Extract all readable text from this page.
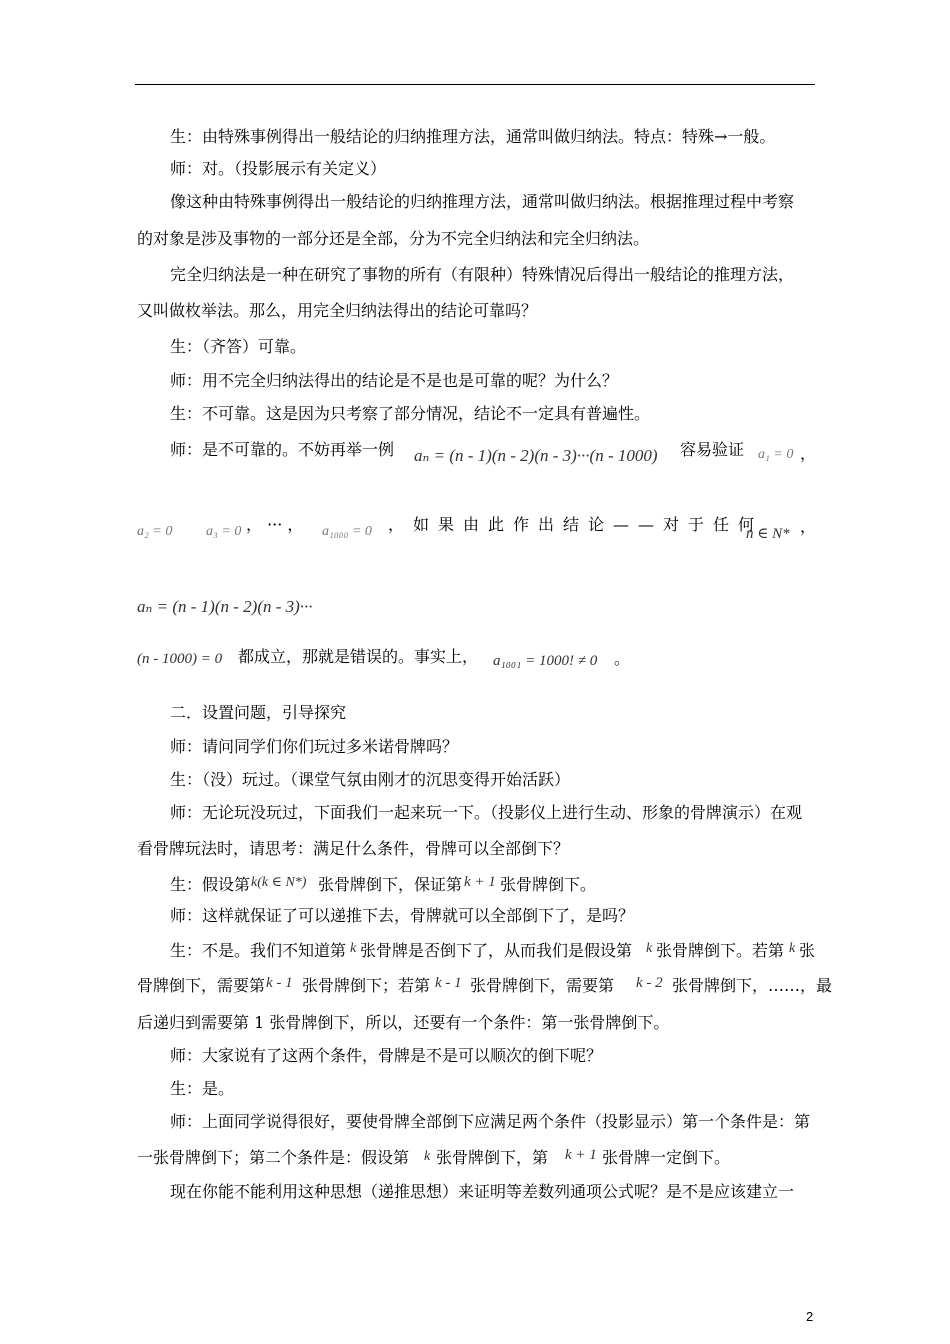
生：由特殊事例得出一般结论的归纳推理方法，通常叫做归纳法。特点：特殊→一般。
师：对。（投影展示有关定义）
像这种由特殊事例得出一般结论的归纳推理方法，通常叫做归纳法。根据推理过程中考察
的对象是涉及事物的一部分还是全部，分为不完全归纳法和完全归纳法。
完全归纳法是一种在研究了事物的所有（有限种）特殊情况后得出一般结论的推理方法，
又叫做枚举法。那么，用完全归纳法得出的结论可靠吗？
生：（齐答）可靠。
师：用不完全归纳法得出的结论是不是也是可靠的呢？为什么？
生：不可靠。这是因为只考察了部分情况，结论不一定具有普遍性。
师：是不可靠的。不妨再举一例 aₙ = (n - 1)(n - 2)(n - 3)···(n - 1000) 容易验证 a₁ = 0 ，
a₂ = 0 a₃ = 0 ， ··· ， a₁₀₀₀ = 0 ，如果由此作出结论——对于任何
n ∈ N* ，
aₙ = (n - 1)(n - 2)(n - 3)···
(n - 1000) = 0 都成立，那就是错误的。事实上， a₁₀₀₁ = 1000! ≠ 0 。
二．设置问题，引导探究
师：请问同学们你们玩过多米诺骨牌吗？
生：（没）玩过。（课堂气氛由刚才的沉思变得开始活跃）
师：无论玩没玩过，下面我们一起来玩一下。（投影仪上进行生动、形象的骨牌演示）在观
看骨牌玩法时，请思考：满足什么条件，骨牌可以全部倒下？
生：假设第 k(k ∈ N*) 张骨牌倒下，保证第 k + 1 张骨牌倒下。
师：这样就保证了可以递推下去，骨牌就可以全部倒下了，是吗？
生：不是。我们不知道第 k 张骨牌是否倒下了，从而我们是假设第 k 张骨牌倒下。若第 k 张
骨牌倒下，需要第 k - 1 张骨牌倒下；若第 k - 1 张骨牌倒下，需要第 k - 2 张骨牌倒下，……，最
后递归到需要第 1 张骨牌倒下，所以，还要有一个条件：第一张骨牌倒下。
师：大家说有了这两个条件，骨牌是不是可以顺次的倒下呢？
生：是。
师：上面同学说得很好，要使骨牌全部倒下应满足两个条件（投影显示）第一个条件是：第
一张骨牌倒下；第二个条件是：假设第 k 张骨牌倒下，第 k + 1 张骨牌一定倒下。
现在你能不能利用这种思想（递推思想）来证明等差数列通项公式呢？是不是应该建立一
2
